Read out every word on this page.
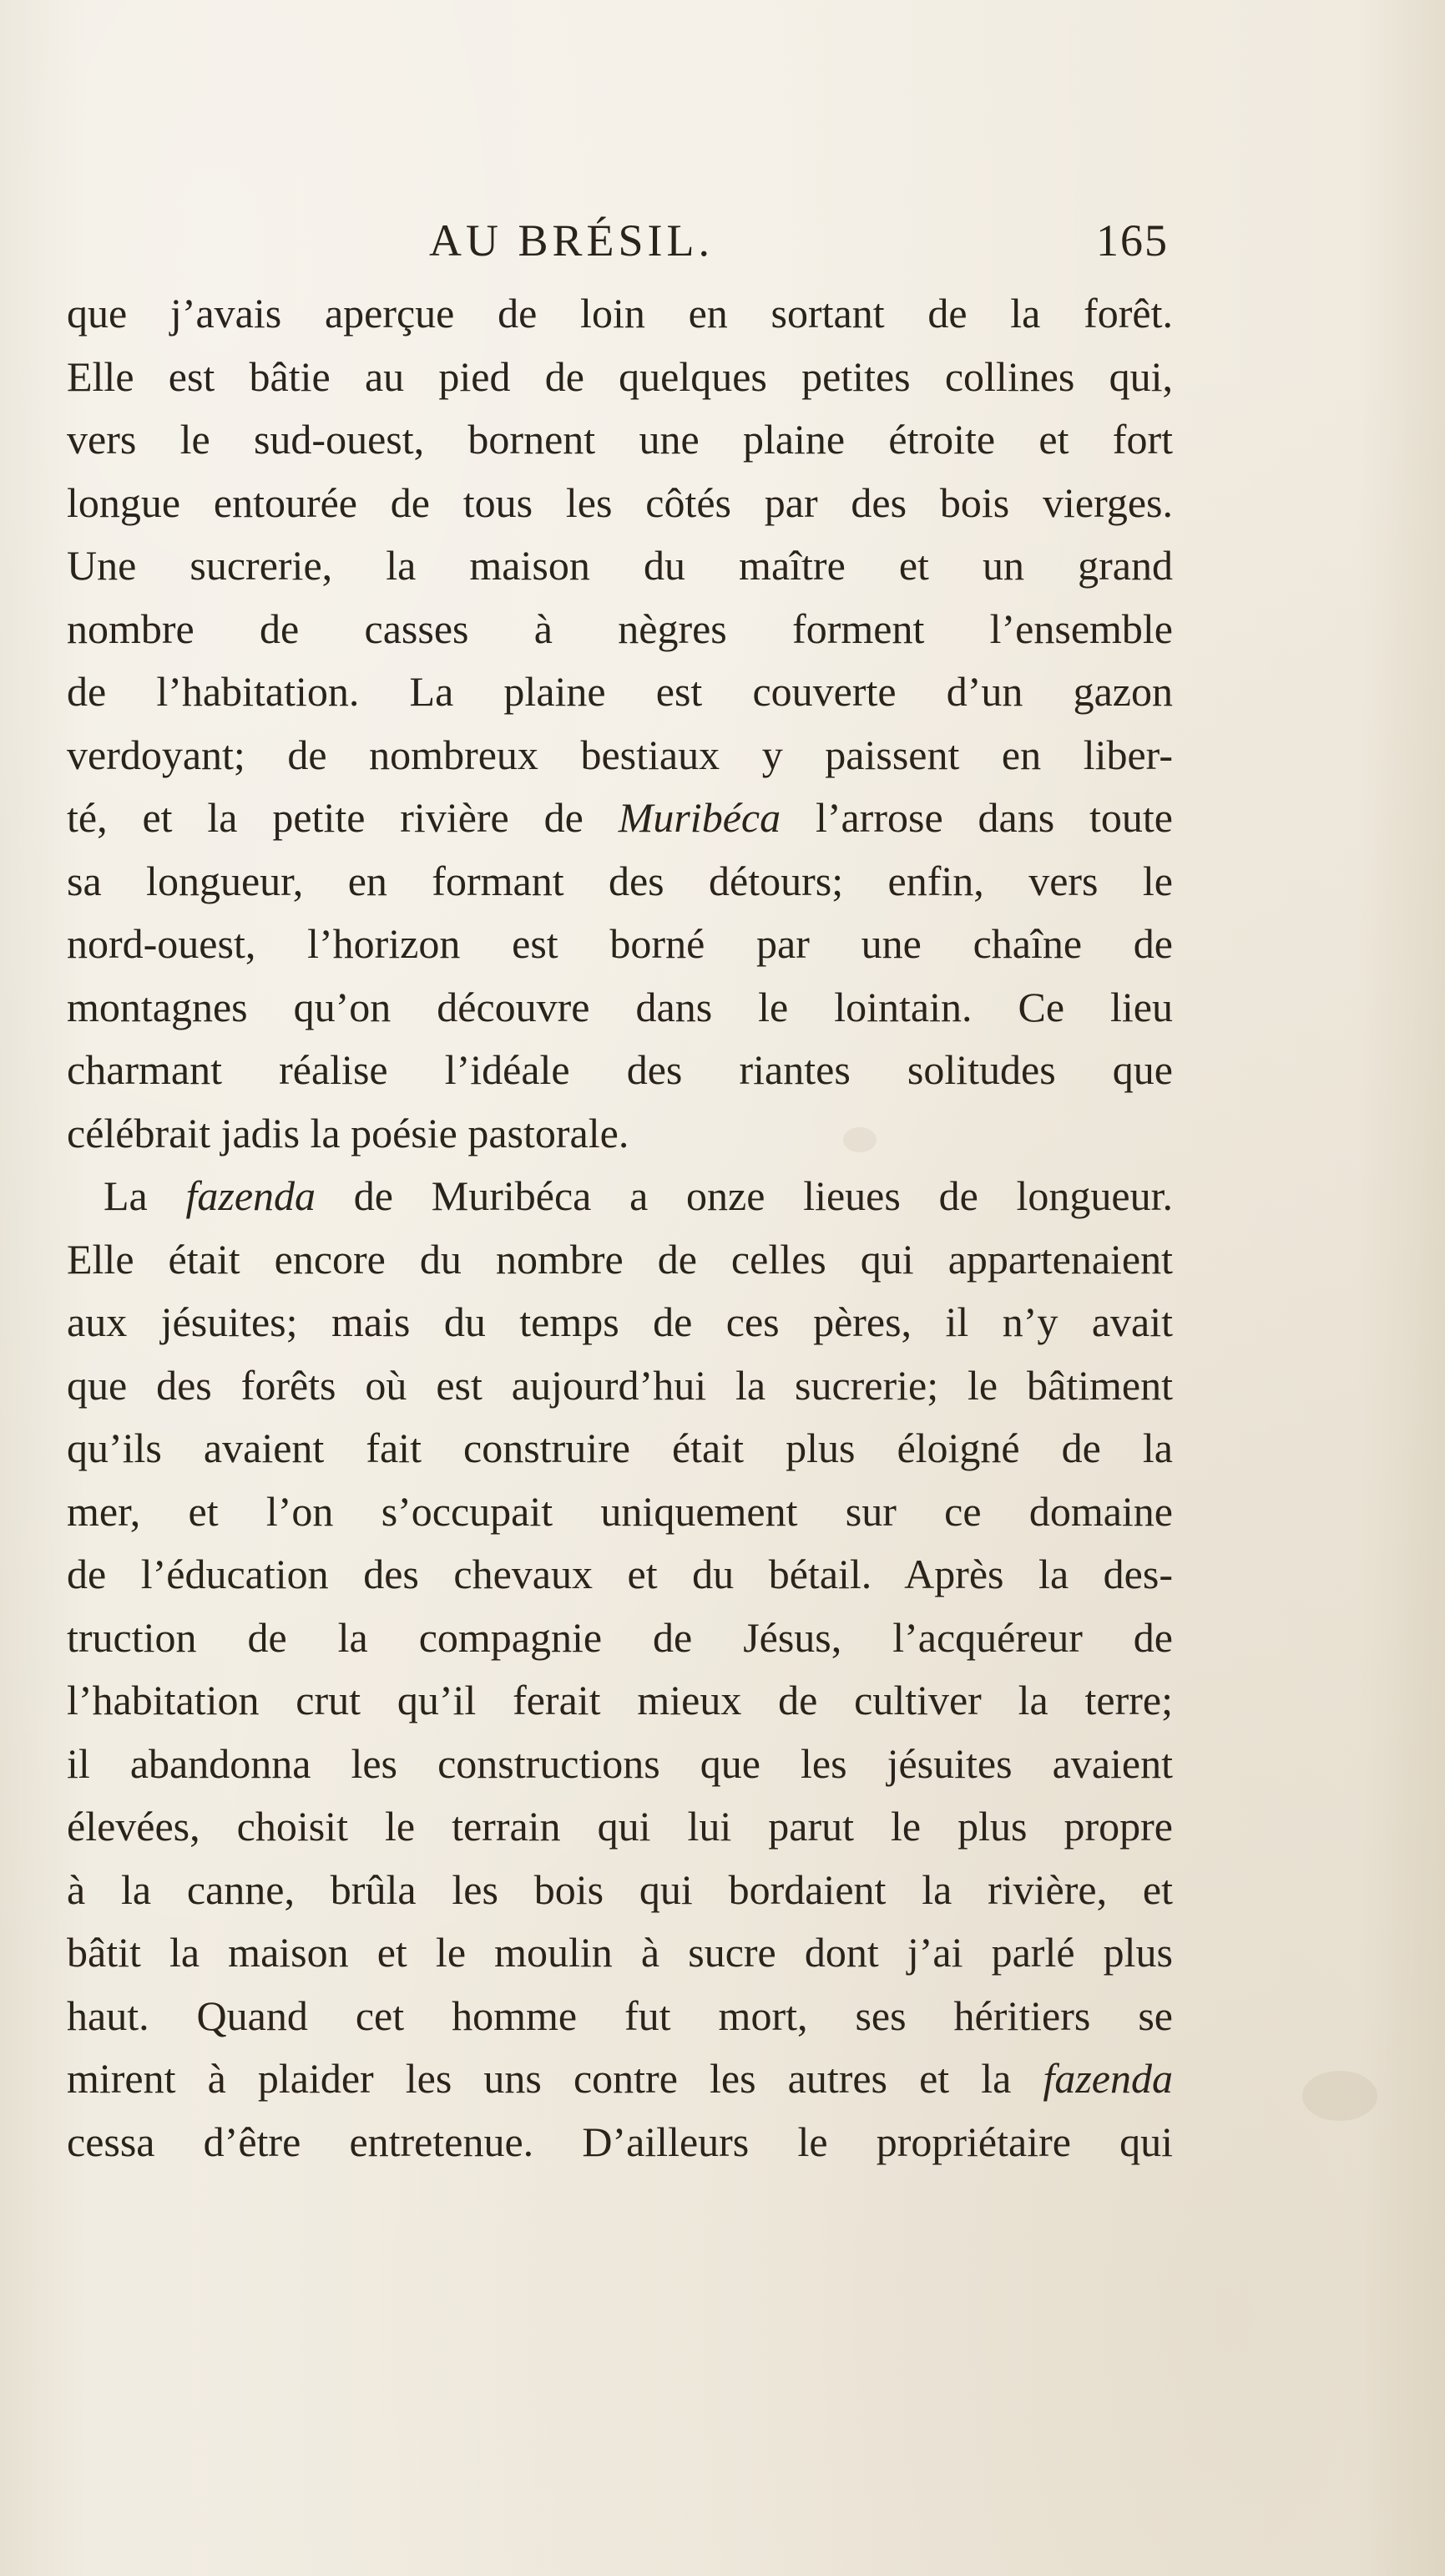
AU BRÉSIL.	165
que j’avais aperçue de loin en sortant de la forêt.
Elle est bâtie au pied de quelques petites collines qui,
vers le sud-ouest, bornent une plaine étroite et fort
longue entourée de tous les côtés par des bois vierges.
Une sucrerie, la maison du maître et un grand
nombre de casses à nègres forment l’ensemble
de l’habitation. La plaine est couverte d’un gazon
verdoyant; de nombreux bestiaux y paissent en liber-
té, et la petite rivière de Muribéca l’arrose dans toute
sa longueur, en formant des détours; enfin, vers le
nord-ouest, l’horizon est borné par une chaîne de
montagnes qu’on découvre dans le lointain. Ce lieu
charmant réalise l’idéale des riantes solitudes que
célébrait jadis la poésie pastorale.
La fazenda de Muribéca a onze lieues de longueur.
Elle était encore du nombre de celles qui appartenaient
aux jésuites; mais du temps de ces pères, il n’y avait
que des forêts où est aujourd’hui la sucrerie; le bâtiment
qu’ils avaient fait construire était plus éloigné de la
mer, et l’on s’occupait uniquement sur ce domaine
de l’éducation des chevaux et du bétail. Après la des-
truction de la compagnie de Jésus, l’acquéreur de
l’habitation crut qu’il ferait mieux de cultiver la terre;
il abandonna les constructions que les jésuites avaient
élevées, choisit le terrain qui lui parut le plus propre
à la canne, brûla les bois qui bordaient la rivière, et
bâtit la maison et le moulin à sucre dont j’ai parlé plus
haut. Quand cet homme fut mort, ses héritiers se
mirent à plaider les uns contre les autres et la fazenda
cessa d’être entretenue. D’ailleurs le propriétaire qui
